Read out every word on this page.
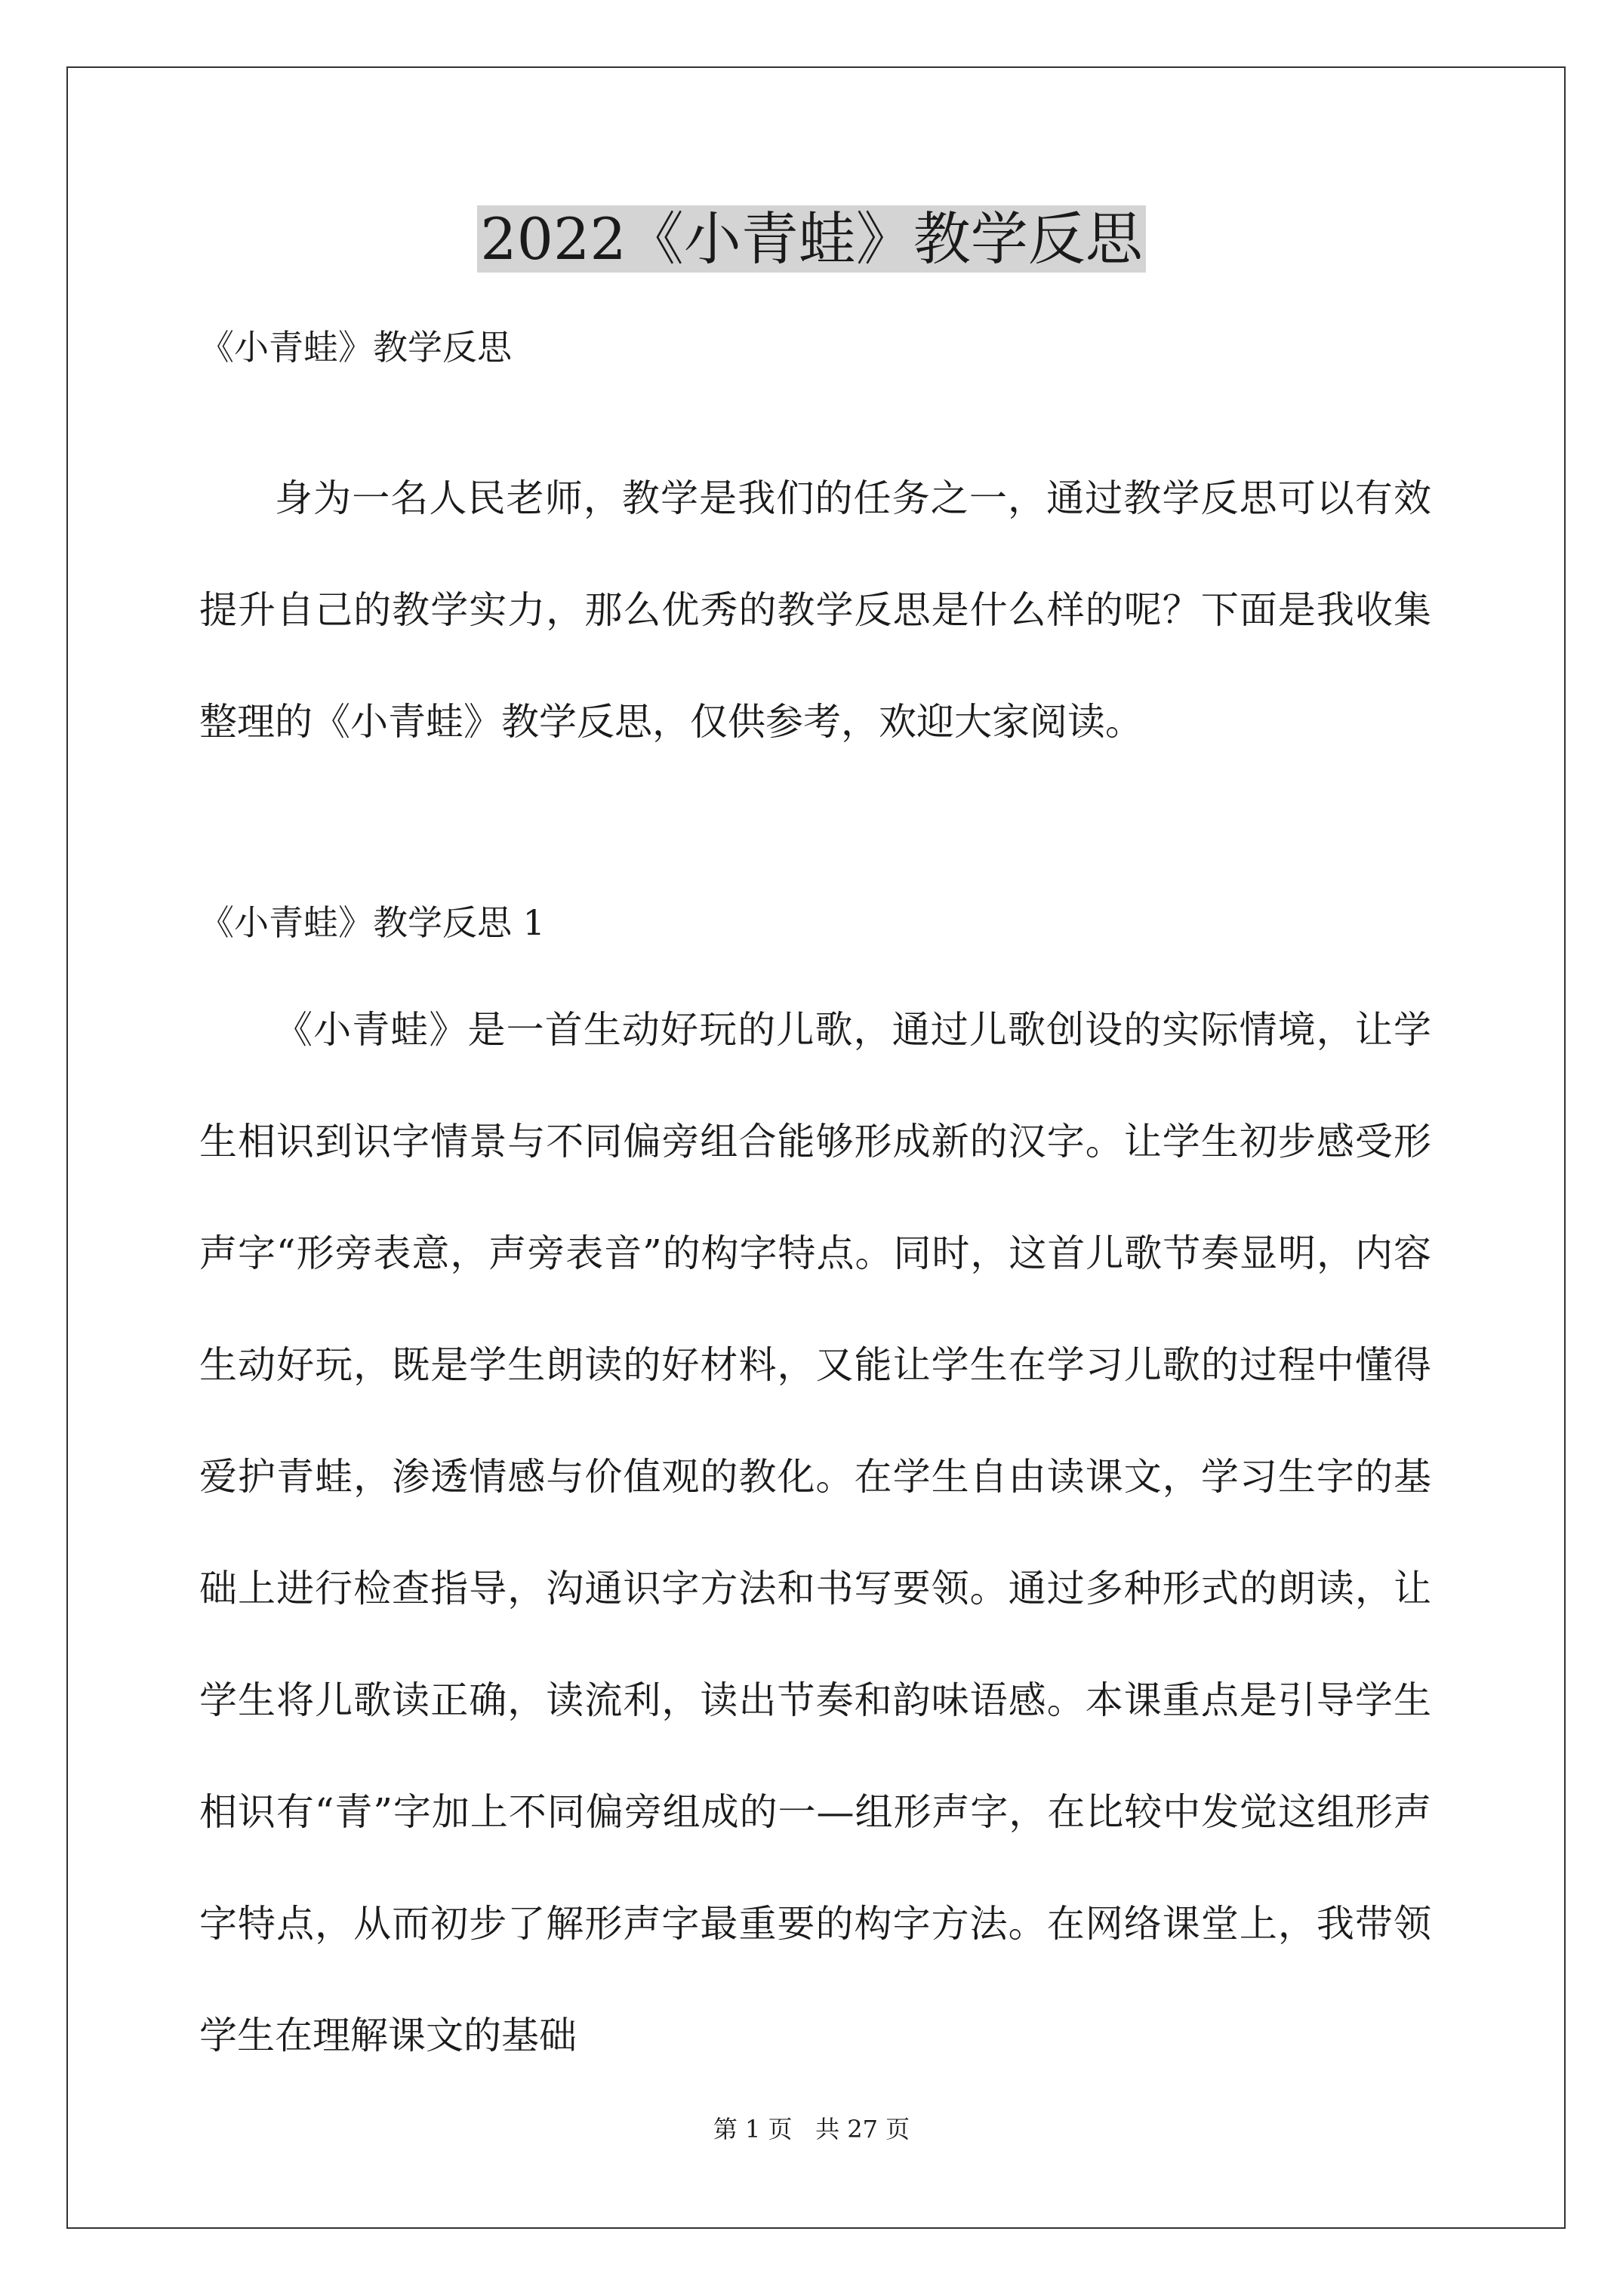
2022《小青蛙》教学反思
《小青蛙》教学反思

身为一名人民老师，教学是我们的任务之一，通过教学反思可以有效提升自己的教学实力，那么优秀的教学反思是什么样的呢？下面是我收集整理的《小青蛙》教学反思，仅供参考，欢迎大家阅读。

《小青蛙》教学反思 1

《小青蛙》是一首生动好玩的儿歌，通过儿歌创设的实际情境，让学生相识到识字情景与不同偏旁组合能够形成新的汉字。让学生初步感受形声字“形旁表意，声旁表音”的构字特点。同时，这首儿歌节奏显明，内容生动好玩，既是学生朗读的好材料，又能让学生在学习儿歌的过程中懂得爱护青蛙，渗透情感与价值观的教化。在学生自由读课文，学习生字的基础上进行检查指导，沟通识字方法和书写要领。通过多种形式的朗读，让学生将儿歌读正确，读流利，读出节奏和韵味语感。本课重点是引导学生相识有“青”字加上不同偏旁组成的一—组形声字，在比较中发觉这组形声字特点，从而初步了解形声字最重要的构字方法。在网络课堂上，我带领学生在理解课文的基础

第 1 页   共 27 页
